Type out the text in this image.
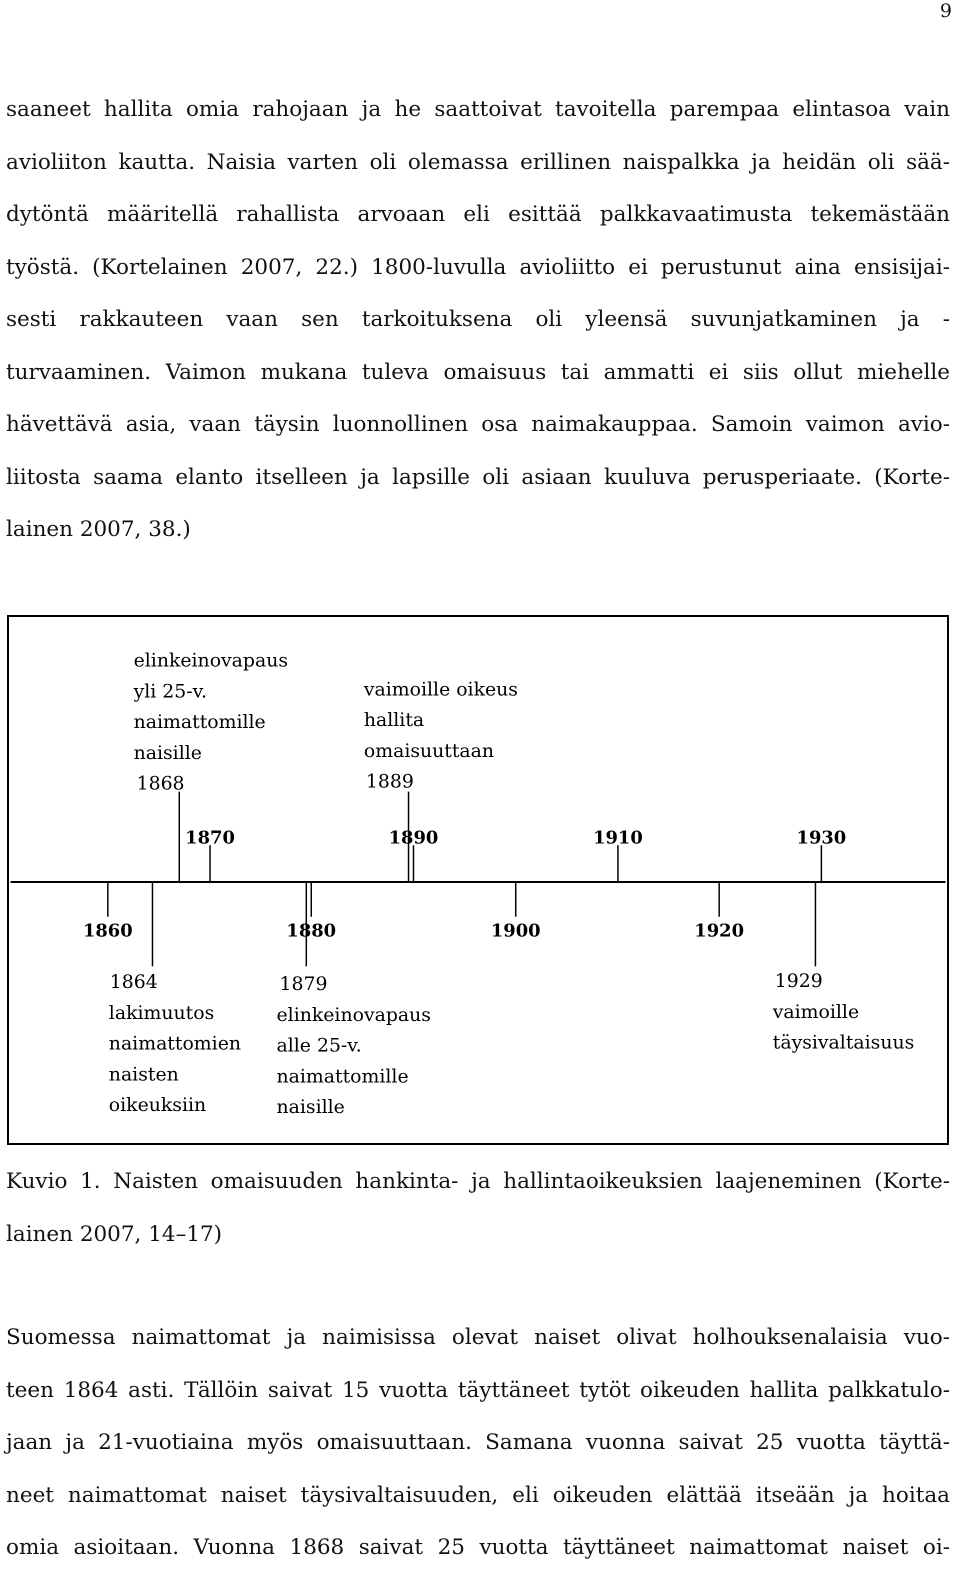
9

saaneet hallita omia rahojaan ja he saattoivat tavoitella parempaa elintasoa vain

avioliiton kautta. Naisia varten oli olemassa erillinen naispalkka ja heidän oli sää-

dytöntä määritellä rahallista arvoaan eli esittää palkkavaatimusta tekemästään

työstä. (Kortelainen 2007, 22.) 1800-luvulla avioliitto ei perustunut aina ensisijai-

sesti rakkauteen vaan sen tarkoituksena oli yleensä suvunjatkaminen ja -

turvaaminen. Vaimon mukana tuleva omaisuus tai ammatti ei siis ollut miehelle

hävettävä asia, vaan täysin luonnollinen osa naimakauppaa. Samoin vaimon avio-

liitosta saama elanto itselleen ja lapsille oli asiaan kuuluva perusperiaate. (Korte-

lainen 2007, 38.)

1870	1890	1910	1930
1860	1880	1900	1920
elinkeinovapaus yli 25-v. naimattomille naisille 1868
vaimoille oikeus hallita omaisuuttaan 1889
1864 lakimuutos naimattomien naisten oikeuksiin
1879 elinkeinovapaus alle 25-v. naimattomille naisille
1929 vaimoille täysivaltaisuus
Kuvio 1. Naisten omaisuuden hankinta- ja hallintaoikeuksien laajeneminen (Korte-
lainen 2007, 14–17)

Suomessa naimattomat ja naimisissa olevat naiset olivat holhouksenalaisia vuo-

teen 1864 asti. Tällöin saivat 15 vuotta täyttäneet tytöt oikeuden hallita palkkatulo-

jaan ja 21-vuotiaina myös omaisuuttaan. Samana vuonna saivat 25 vuotta täyttä-

neet naimattomat naiset täysivaltaisuuden, eli oikeuden elättää itseään ja hoitaa

omia asioitaan. Vuonna 1868 saivat 25 vuotta täyttäneet naimattomat naiset oi-
